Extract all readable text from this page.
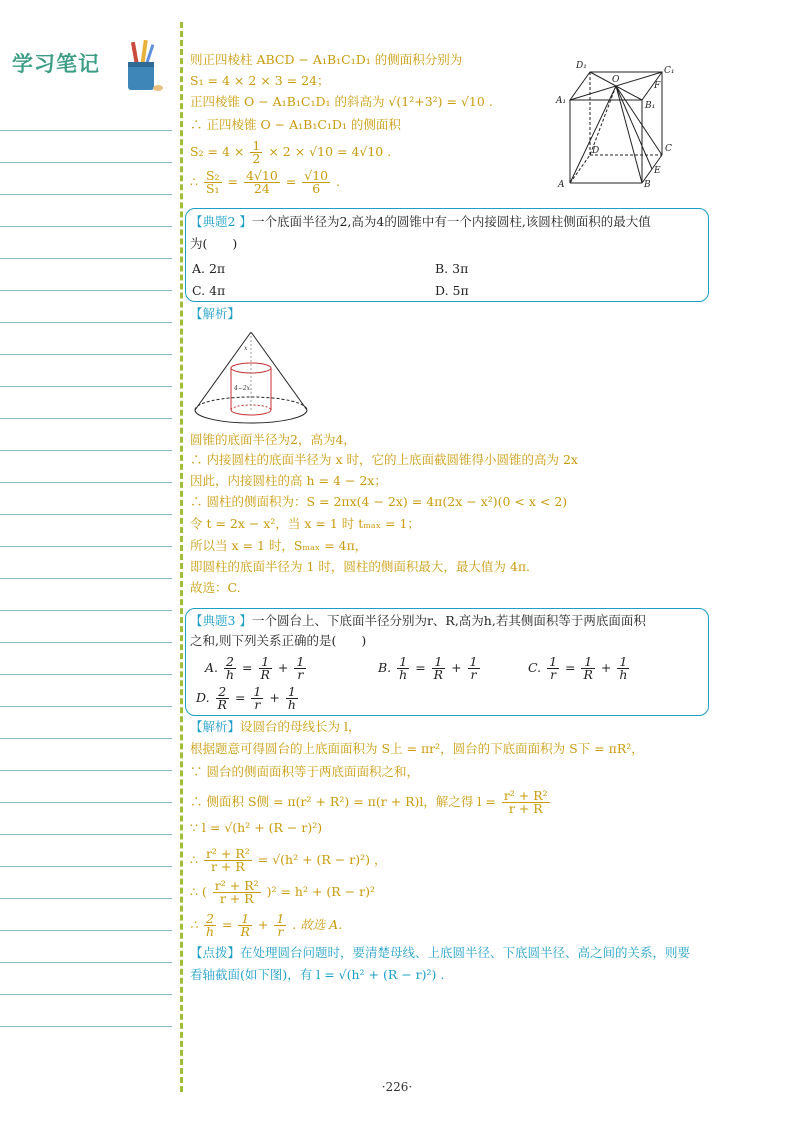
学习笔记	则正四棱柱 ABCD − A₁B₁C₁D₁ 的侧面积分别为
S₁ = 4 × 2 × 3 = 24；
正四棱锥 O − A₁B₁C₁D₁ 的斜高为 √(1²+3²) = √10 .
∴ 正四棱锥 O − A₁B₁C₁D₁ 的侧面积
$S_2 = 4 \times \frac{1}{2} \times 2 \times √10 = 4√10$ .
∴ $\frac{\text{S₂}}{\text{S₁}} = \frac{4√10}{24} = \frac{√10}{6}$ .
D₁	C₁
A₁	B₁
O
D	C
A	B
E
F
【典题2 】一个底面半径为2,高为4的圆锥中有一个内接圆柱,该圆柱侧面积的最大值
为(　　)
A. 2π	B. 3π
C. 4π	D. 5π
【解析】
x
4−2x
圆锥的底面半径为2，高为4，
∴ 内接圆柱的底面半径为 x 时，它的上底面截圆锥得小圆锥的高为 2x
因此，内接圆柱的高 h = 4 − 2x；
∴ 圆柱的侧面积为：S = 2πx(4 − 2x) = 4π(2x − x²)(0 < x < 2)
令 t = 2x − x²，当 x = 1 时 tₘₐₓ = 1；
所以当 x = 1 时，Sₘₐₓ = 4π，
即圆柱的底面半径为 1 时，圆柱的侧面积最大，最大值为 4π.
故选：C.
【典题3 】一个圆台上、下底面半径分别为r、R,高为h,若其侧面积等于两底面面积
之和,则下列关系正确的是(　　)
A. $\frac{2}{h} = \frac{1}{R} + \frac{1}{r}$	B. $\frac{1}{h} = \frac{1}{R} + \frac{1}{r}$	C. $\frac{1}{r} = \frac{1}{R} + \frac{1}{h}$
D. $\frac{2}{R} = \frac{1}{r} + \frac{1}{h}$
【解析】设圆台的母线长为 l，
根据题意可得圆台的上底面面积为 S上 = πr²，圆台的下底面面积为 S下 = πR²，
∵ 圆台的侧面面积等于两底面面积之和，
∴ 侧面积 S侧 = π(r² + R²) = π(r + R)l，解之得 $l = \frac{\text{r² + R²}}{r + R}$
∵ l = √(h² + (R − r)²)
∴ $\frac{\text{r² + R²}}{r + R} = √(h^2 + (R - r)^2)$ ，
∴ ( $\frac{\text{r² + R²}}{r + R} )^2 = h^2 + (R - r)^2$
∴ $\frac{2}{h} = \frac{1}{R} + \frac{1}{r}$ . 故选 A.
【点拨】在处理圆台问题时，要清楚母线、上底圆半径、下底圆半径、高之间的关系，则要
看轴截面(如下图)，有 l = √(h² + (R − r)²) .
·226·
